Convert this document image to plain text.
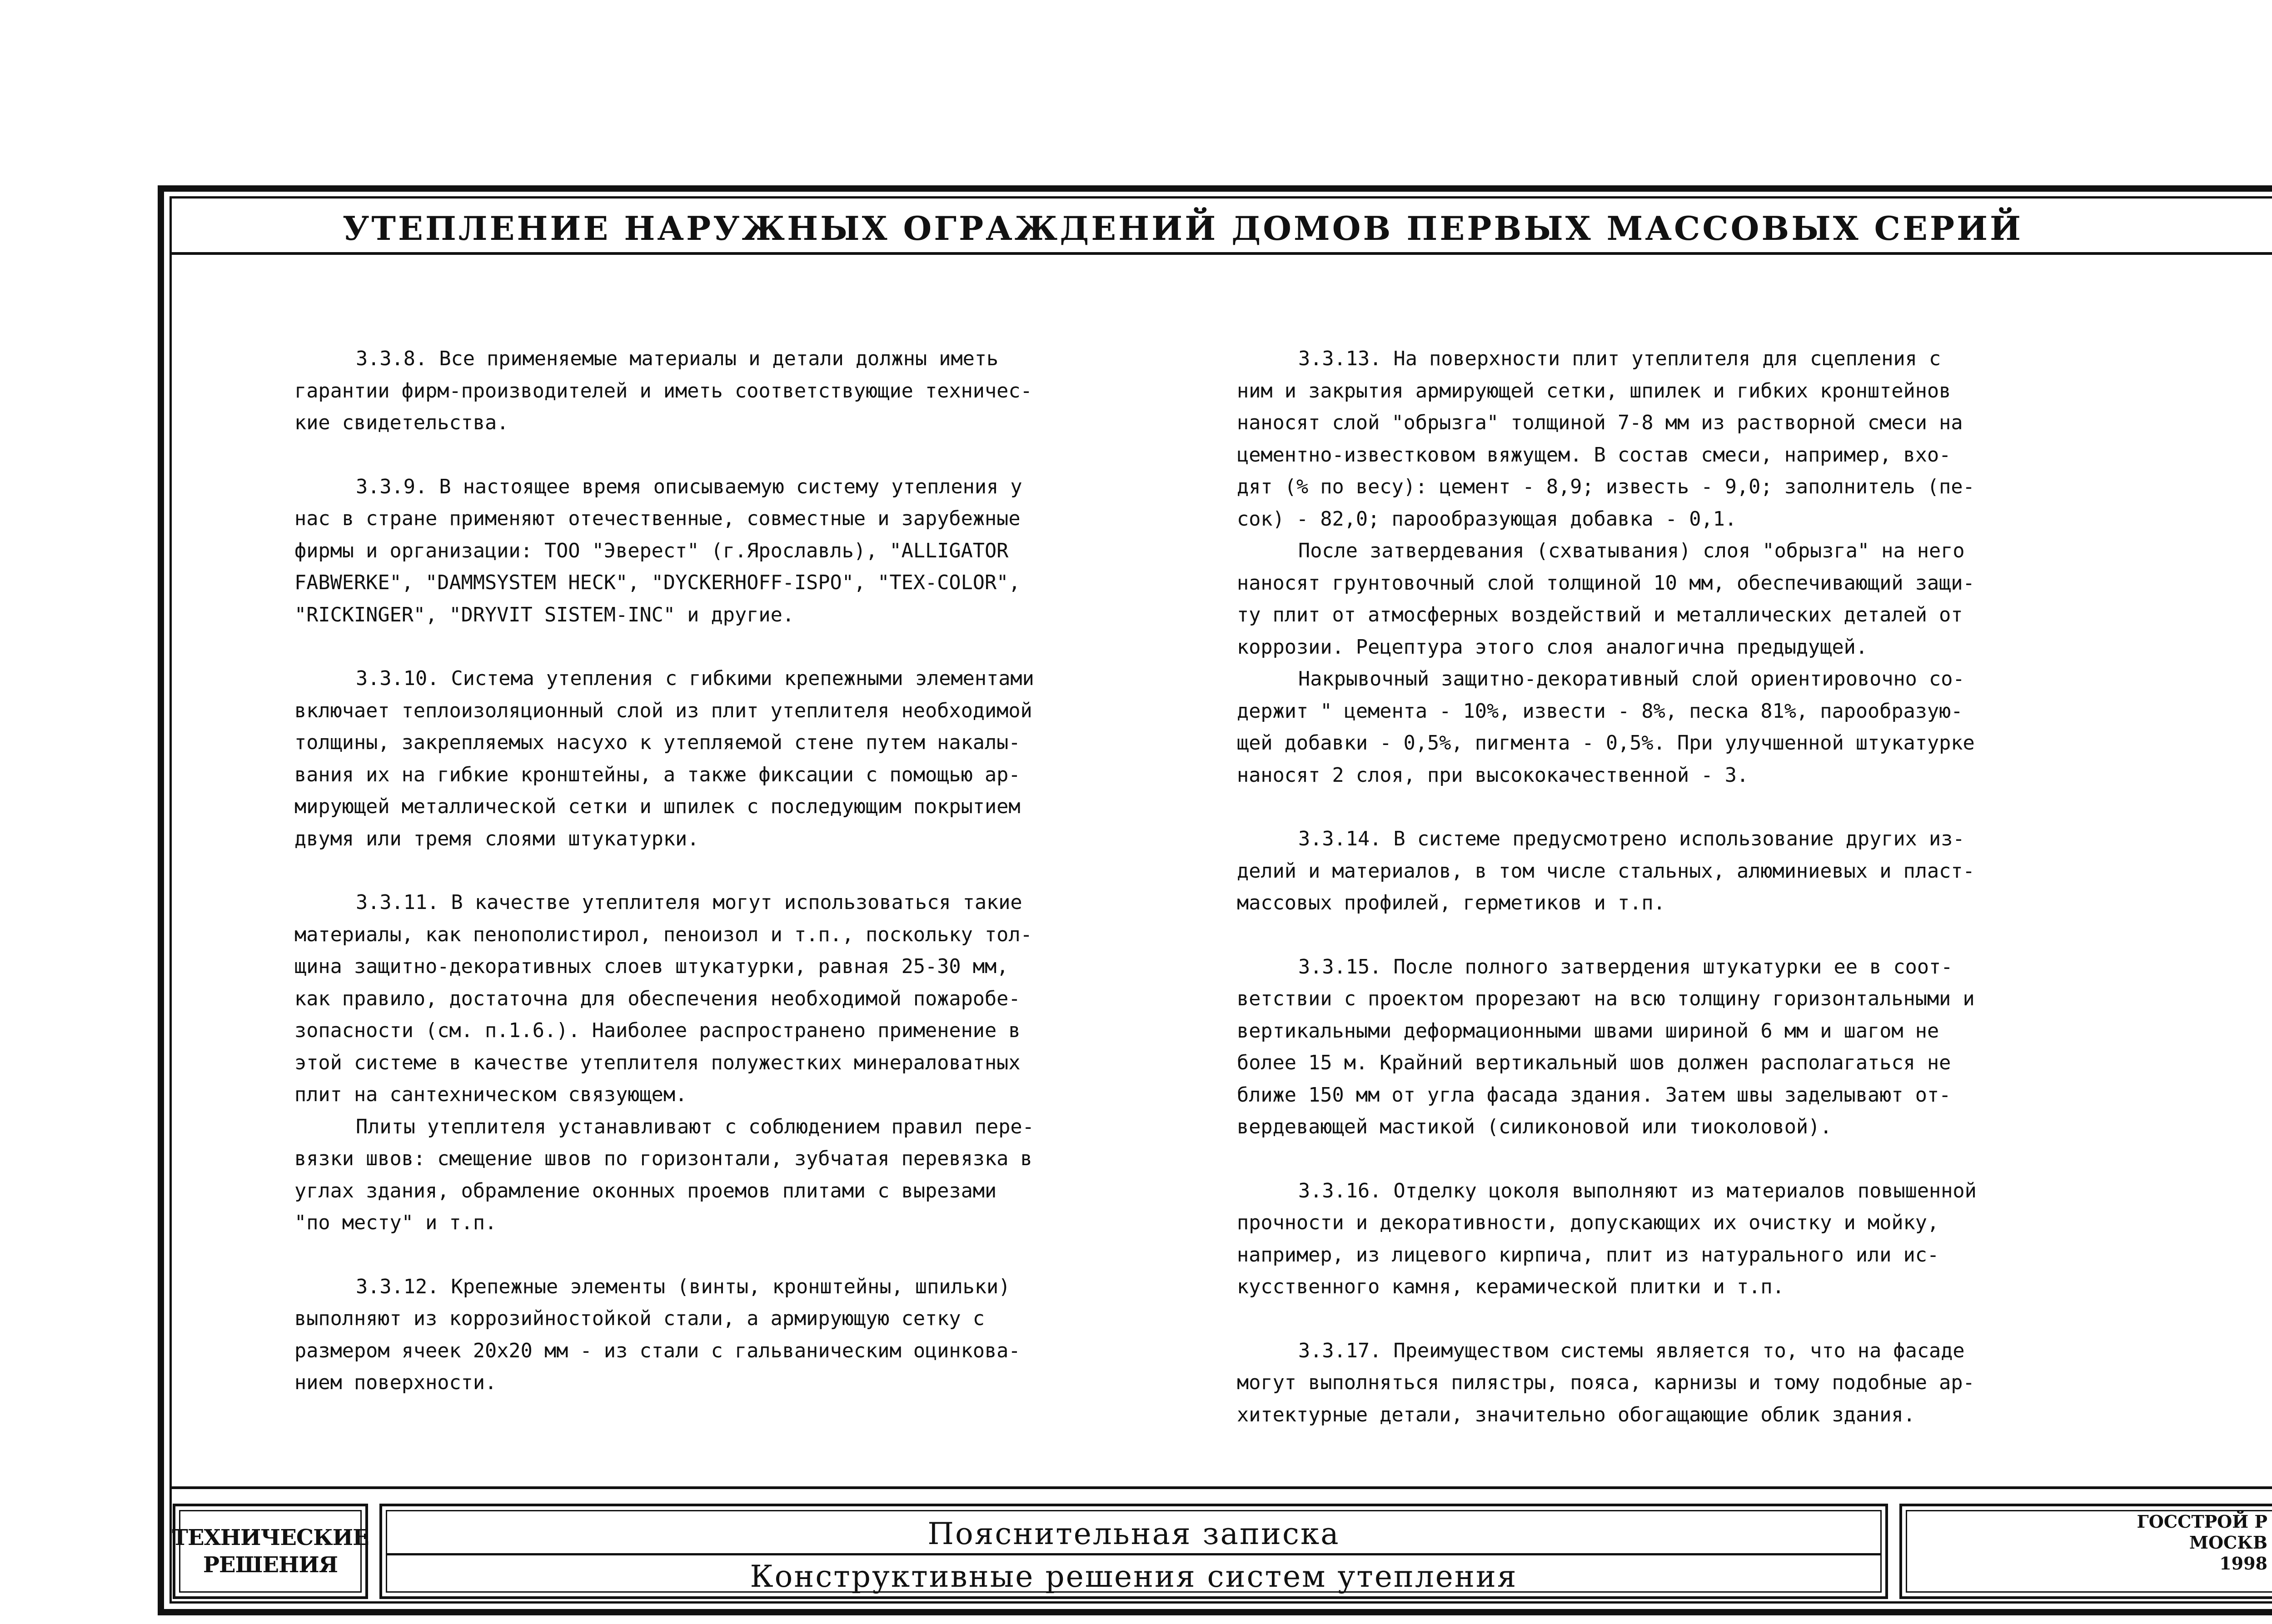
УТЕПЛЕНИЕ НАРУЖНЫХ ОГРАЖДЕНИЙ ДОМОВ ПЕРВЫХ МАССОВЫХ СЕРИЙ
3.3.8. Все применяемые материалы и детали должны иметь
гарантии фирм-производителей и иметь соответствующие техничес-
кие свидетельства.
3.3.9. В настоящее время описываемую систему утепления у
нас в стране применяют отечественные, совместные и зарубежные
фирмы и организации: ТОО "Эверест" (г.Ярославль), "ALLIGATOR
FABWERKE", "DAMMSYSTEM HECK", "DYCKERHOFF-ISPO", "TEX-COLOR",
"RICKINGER", "DRYVIT SISTEM-INC" и другие.
3.3.10. Система утепления с гибкими крепежными элементами
включает теплоизоляционный слой из плит утеплителя необходимой
толщины, закрепляемых насухо к утепляемой стене путем накалы-
вания их на гибкие кронштейны, а также фиксации с помощью ар-
мирующей металлической сетки и шпилек с последующим покрытием
двумя или тремя слоями штукатурки.
3.3.11. В качестве утеплителя могут использоваться такие
материалы, как пенополистирол, пеноизол и т.п., поскольку тол-
щина защитно-декоративных слоев штукатурки, равная 25-30 мм,
как правило, достаточна для обеспечения необходимой пожаробе-
зопасности (см. п.1.6.). Наиболее распространено применение в
этой системе в качестве утеплителя полужестких минераловатных
плит на сантехническом связующем.
Плиты утеплителя устанавливают с соблюдением правил пере-
вязки швов: смещение швов по горизонтали, зубчатая перевязка в
углах здания, обрамление оконных проемов плитами с вырезами
"по месту" и т.п.
3.3.12. Крепежные элементы (винты, кронштейны, шпильки)
выполняют из коррозийностойкой стали, а армирующую сетку с
размером ячеек 20x20 мм - из стали с гальваническим оцинкова-
нием поверхности.
3.3.13. На поверхности плит утеплителя для сцепления с
ним и закрытия армирующей сетки, шпилек и гибких кронштейнов
наносят слой "обрызга" толщиной 7-8 мм из растворной смеси на
цементно-известковом вяжущем. В состав смеси, например, вхо-
дят (% по весу): цемент - 8,9; известь - 9,0; заполнитель (пе-
сок) - 82,0; парообразующая добавка - 0,1.
После затвердевания (схватывания) слоя "обрызга" на него
наносят грунтовочный слой толщиной 10 мм, обеспечивающий защи-
ту плит от атмосферных воздействий и металлических деталей от
коррозии. Рецептура этого слоя аналогична предыдущей.
Накрывочный защитно-декоративный слой ориентировочно со-
держит " цемента - 10%, извести - 8%, песка 81%, парообразую-
щей добавки - 0,5%, пигмента - 0,5%. При улучшенной штукатурке
наносят 2 слоя, при высококачественной - 3.
3.3.14. В системе предусмотрено использование других из-
делий и материалов, в том числе стальных, алюминиевых и пласт-
массовых профилей, герметиков и т.п.
3.3.15. После полного затвердения штукатурки ее в соот-
ветствии с проектом прорезают на всю толщину горизонтальными и
вертикальными деформационными швами шириной 6 мм и шагом не
более 15 м. Крайний вертикальный шов должен располагаться не
ближе 150 мм от угла фасада здания. Затем швы заделывают от-
вердевающей мастикой (силиконовой или тиоколовой).
3.3.16. Отделку цоколя выполняют из материалов повышенной
прочности и декоративности, допускающих их очистку и мойку,
например, из лицевого кирпича, плит из натурального или ис-
кусственного камня, керамической плитки и т.п.
3.3.17. Преимуществом системы является то, что на фасаде
могут выполняться пилястры, пояса, карнизы и тому подобные ар-
хитектурные детали, значительно обогащающие облик здания.
ТЕХНИЧЕСКИЕ
РЕШЕНИЯ
Пояснительная записка
Конструктивные решения систем утепления
ГОССТРОЙ Р
МОСКВ
1998
